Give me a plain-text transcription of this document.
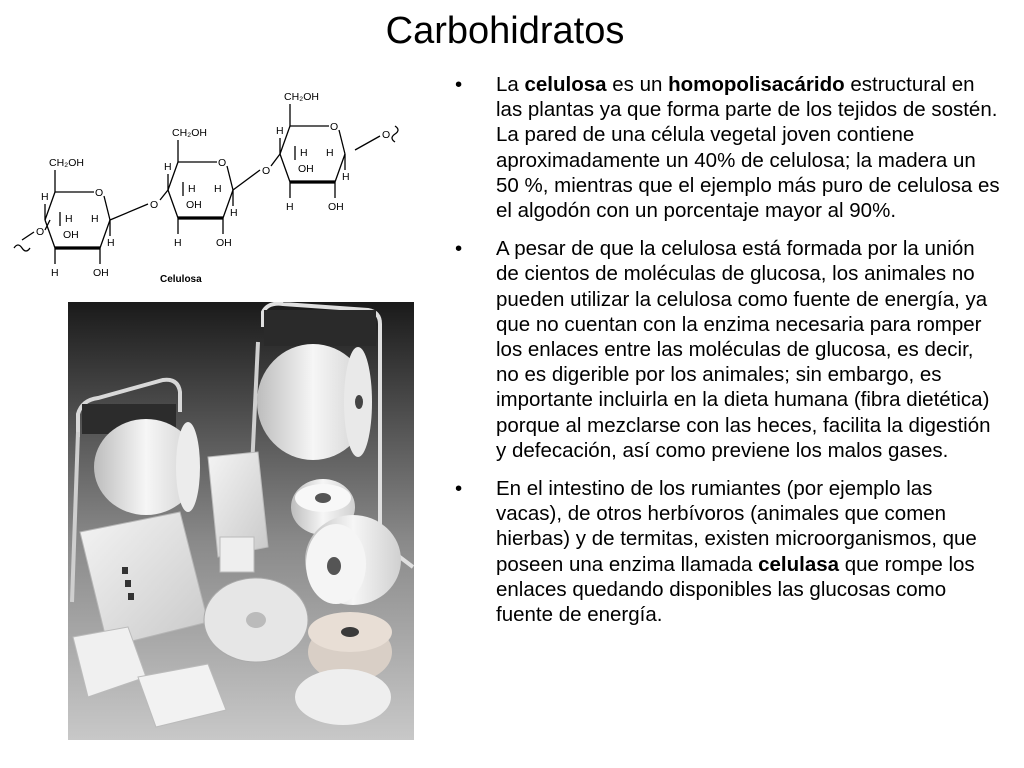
Carbohidratos
O
CH₂OH
H
H
H	OH
H
OH
H
O
CH₂OH
H
H
H	OH
H
OH
H
O
CH₂OH
H
H
H	OH
H
OH
H
O
O
O
O
Celulosa
•	La celulosa es un homopolisacárido estructural en las plantas ya que forma parte de los tejidos de sostén. La pared de una célula vegetal joven contiene aproximadamente un 40% de celulosa; la madera un 50 %, mientras que el ejemplo más puro de celulosa es el algodón con un porcentaje mayor al 90%.
•	A pesar de que la celulosa está formada por la unión de cientos de moléculas de glucosa, los animales no pueden utilizar la celulosa como fuente de energía, ya que no cuentan con la enzima necesaria para romper los enlaces entre las moléculas de glucosa, es decir, no es digerible por los animales; sin embargo, es importante incluirla en la dieta humana (fibra dietética) porque al mezclarse con las heces, facilita la digestión y defecación, así como previene los malos gases.
•	En el intestino de los rumiantes (por ejemplo las vacas), de otros herbívoros (animales que comen hierbas) y de termitas, existen microorganismos, que poseen una enzima llamada celulasa que rompe los enlaces quedando disponibles las glucosas como fuente de energía.
